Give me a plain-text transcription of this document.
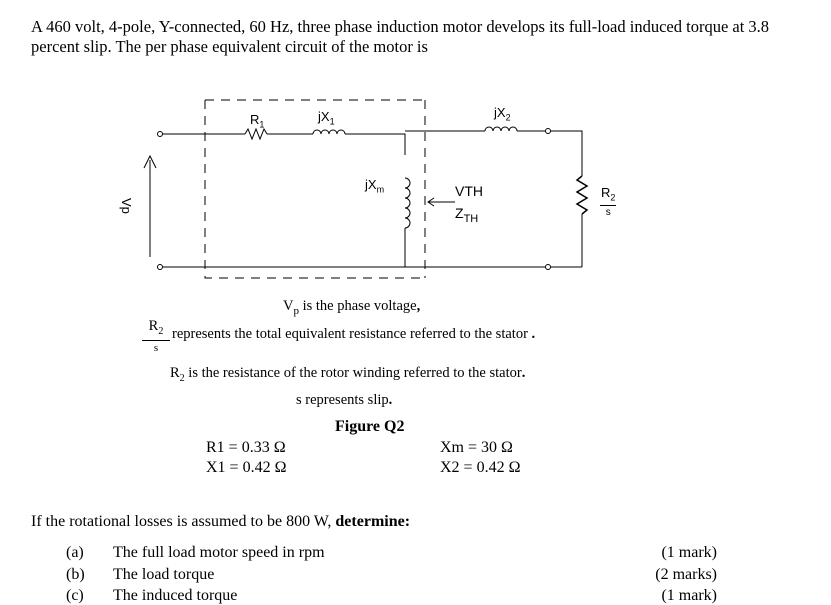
A 460 volt, 4-pole, Y-connected, 60 Hz, three phase induction motor develops its full-load induced torque at 3.8 percent slip. The per phase equivalent circuit of the motor is
$R_1$
$jX_1$
$jX_2$
$jX_m$	VTH
$Z_{TH}$
Vp
$R_2$
s
$V_p$ is the phase voltage,
$R_2$
s
represents the total equivalent resistance referred to the stator .
$R_2$ is the resistance of the rotor winding referred to the stator.
s represents slip.
Figure Q2
R1 = 0.33 Ω
X1 = 0.42 Ω
Xm = 30 Ω
X2 = 0.42 Ω
If the rotational losses is assumed to be 800 W, determine:
(a) The full load motor speed in rpm	(1 mark)
(b) The load torque	(2 marks)
(c) The induced torque	(1 mark)
